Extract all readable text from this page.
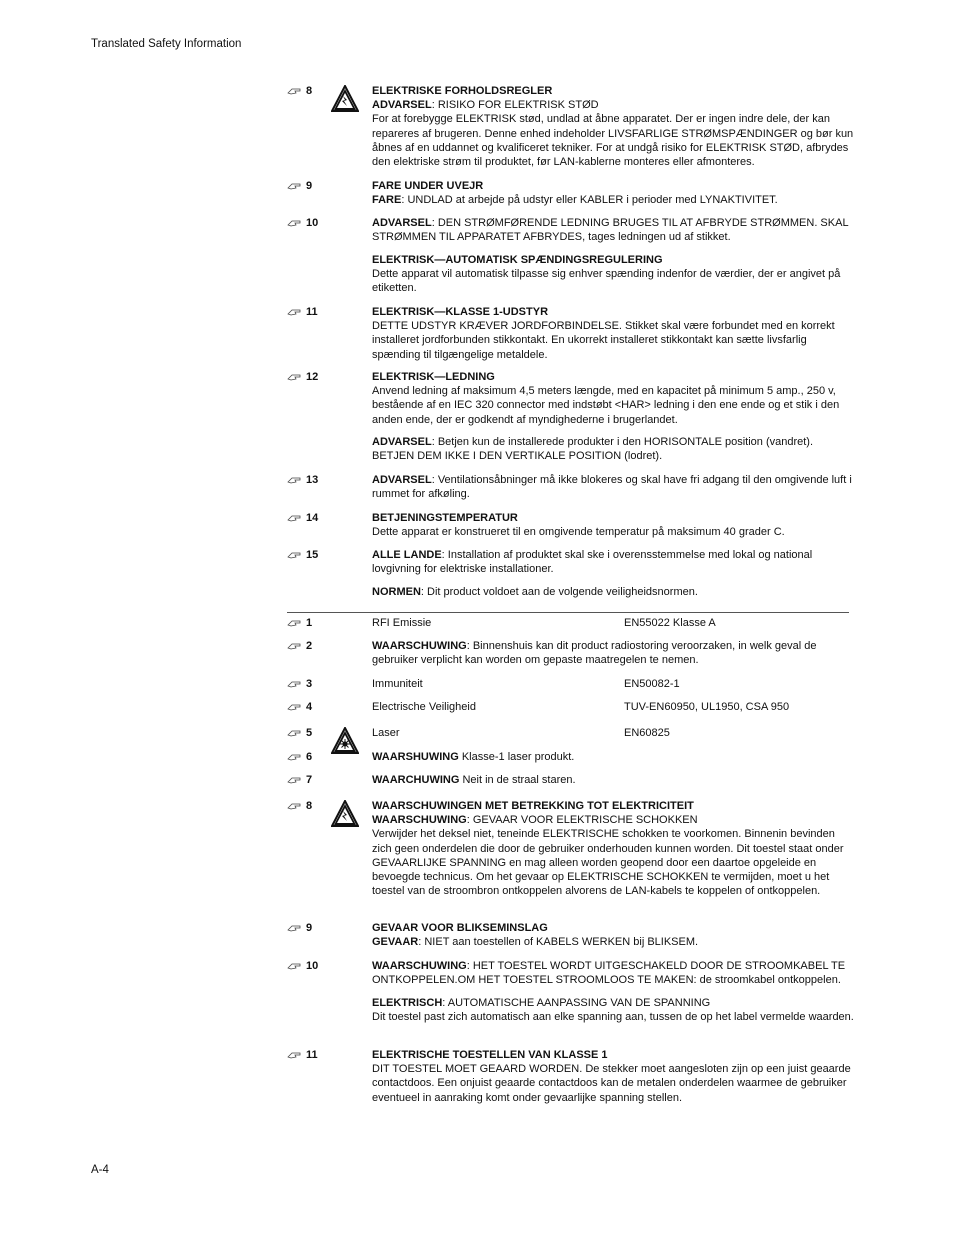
Translated Safety Information
8	ELEKTRISKE FORHOLDSREGLER
ADVARSEL: RISIKO FOR ELEKTRISK STØD
For at forebygge ELEKTRISK stød, undlad at åbne apparatet. Der er ingen indre dele, der kan repareres af brugeren. Denne enhed indeholder LIVSFARLIGE STRØMSPÆNDINGER og bør kun åbnes af en uddannet og kvalificeret tekniker. For at undgå risiko for ELEKTRISK STØD, afbrydes den elektriske strøm til produktet, før LAN-kablerne monteres eller afmonteres.
9	FARE UNDER UVEJR
FARE: UNDLAD at arbejde på udstyr eller KABLER i perioder med LYNAKTIVITET.
10	ADVARSEL: DEN STRØMFØRENDE LEDNING BRUGES TIL AT AFBRYDE STRØMMEN. SKAL STRØMMEN TIL APPARATET AFBRYDES, tages ledningen ud af stikket.
ELEKTRISK—AUTOMATISK SPÆNDINGSREGULERING
Dette apparat vil automatisk tilpasse sig enhver spænding indenfor de værdier, der er angivet på etiketten.
11	ELEKTRISK—KLASSE 1-UDSTYR
DETTE UDSTYR KRÆVER JORDFORBINDELSE. Stikket skal være forbundet med en korrekt installeret jordforbunden stikkontakt. En ukorrekt installeret stikkontakt kan sætte livsfarlig spænding til tilgængelige metaldele.
12	ELEKTRISK—LEDNING
Anvend ledning af maksimum 4,5 meters længde, med en kapacitet på minimum 5 amp., 250 v, bestående af en IEC 320 connector med indstøbt <HAR> ledning i den ene ende og et stik i den anden ende, der er godkendt af myndighederne i brugerlandet.
ADVARSEL: Betjen kun de installerede produkter i den HORISONTALE position (vandret). BETJEN DEM IKKE I DEN VERTIKALE POSITION (lodret).
13	ADVARSEL: Ventilationsåbninger må ikke blokeres og skal have fri adgang til den omgivende luft i rummet for afkøling.
14	BETJENINGSTEMPERATUR
Dette apparat er konstrueret til en omgivende temperatur på maksimum 40 grader C.
15	ALLE LANDE: Installation af produktet skal ske i overensstemmelse med lokal og national lovgivning for elektriske installationer.
NORMEN: Dit product voldoet aan de volgende veiligheidsnormen.
1	RFI Emissie	EN55022 Klasse A
2	WAARSCHUWING: Binnenshuis kan dit product radiostoring veroorzaken, in welk geval de gebruiker verplicht kan worden om gepaste maatregelen te nemen.
3	Immuniteit	EN50082-1
4	Electrische Veiligheid	TUV-EN60950, UL1950, CSA 950
5	Laser	EN60825
6	WAARSHUWING Klasse-1 laser produkt.
7	WAARCHUWING Neit in de straal staren.
8	WAARSCHUWINGEN MET BETREKKING TOT ELEKTRICITEIT
WAARSCHUWING: GEVAAR VOOR ELEKTRISCHE SCHOKKEN
Verwijder het deksel niet, teneinde ELEKTRISCHE schokken te voorkomen. Binnenin bevinden zich geen onderdelen die door de gebruiker onderhouden kunnen worden. Dit toestel staat onder GEVAARLIJKE SPANNING en mag alleen worden geopend door een daartoe opgeleide en bevoegde technicus. Om het gevaar op ELEKTRISCHE SCHOKKEN te vermijden, moet u het toestel van de stroombron ontkoppelen alvorens de LAN-kabels te koppelen of ontkoppelen.
9	GEVAAR VOOR BLIKSEMINSLAG
GEVAAR: NIET aan toestellen of KABELS WERKEN bij BLIKSEM.
10	WAARSCHUWING: HET TOESTEL WORDT UITGESCHAKELD DOOR DE STROOMKABEL TE ONTKOPPELEN.OM HET TOESTEL STROOMLOOS TE MAKEN: de stroomkabel ontkoppelen.
ELEKTRISCH: AUTOMATISCHE AANPASSING VAN DE SPANNING
Dit toestel past zich automatisch aan elke spanning aan, tussen de op het label vermelde waarden.
11	ELEKTRISCHE TOESTELLEN VAN KLASSE 1
DIT TOESTEL MOET GEAARD WORDEN. De stekker moet aangesloten zijn op een juist geaarde contactdoos. Een onjuist geaarde contactdoos kan de metalen onderdelen waarmee de gebruiker eventueel in aanraking komt onder gevaarlijke spanning stellen.
A-4
